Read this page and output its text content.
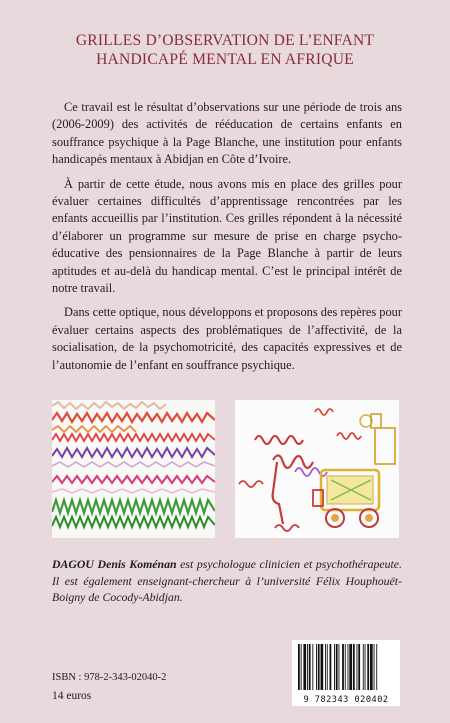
GRILLES D’OBSERVATION DE L’ENFANT
HANDICAPÉ MENTAL EN AFRIQUE

Ce travail est le résultat d’observations sur une période de trois ans (2006-2009) des activités de rééducation de certains enfants en souffrance psychique à la Page Blanche, une institution pour enfants handicapés mentaux à Abidjan en Côte d’Ivoire.

À partir de cette étude, nous avons mis en place des grilles pour évaluer certaines difficultés d’apprentissage rencontrées par les enfants accueillis par l’institution. Ces grilles répondent à la nécessité d’élaborer un programme sur mesure de prise en charge psycho-éducative des pensionnaires de la Page Blanche à partir de leurs aptitudes et au-delà du handicap mental. C’est le principal intérêt de notre travail.

Dans cette optique, nous développons et proposons des repères pour évaluer certains aspects des problématiques de l’affectivité, de la socialisation, de la psychomotricité, des capacités expressives et de l’autonomie de l’enfant en souffrance psychique.

DAGOU Denis Koménan est psychologue clinicien et psychothérapeute. Il est également enseignant-chercheur à l’université Félix Houphouët-Boigny de Cocody-Abidjan.
ISBN : 978-2-343-02040-2
14 euros	9 782343 020402
